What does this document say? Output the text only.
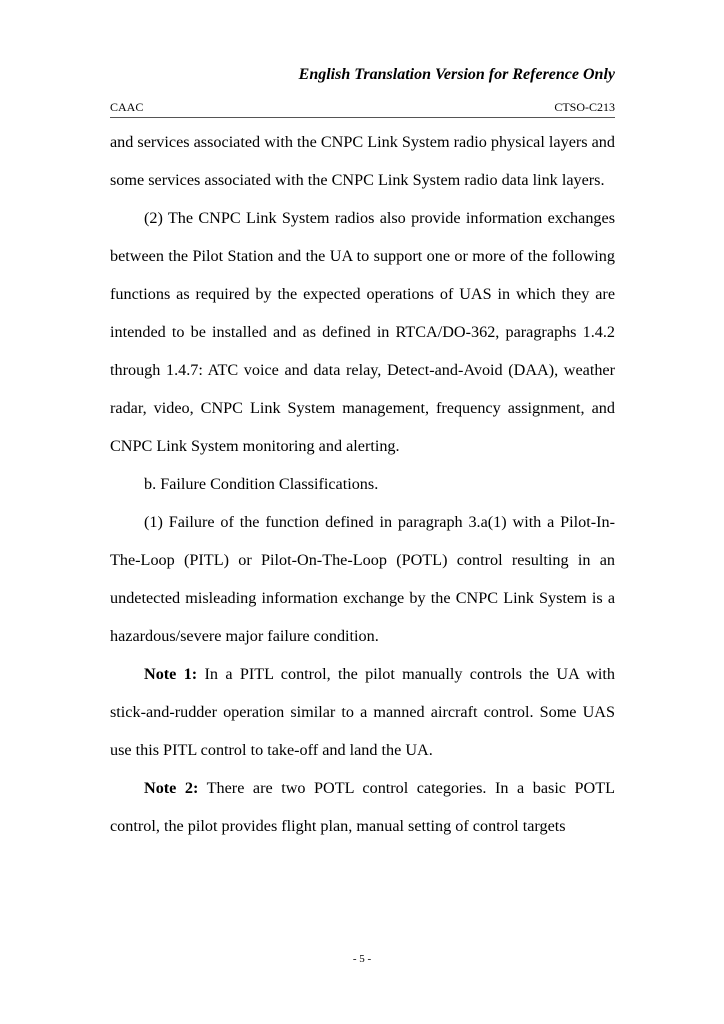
English Translation Version for Reference Only
CAAC	CTSO-C213

and services associated with the CNPC Link System radio physical layers and some services associated with the CNPC Link System radio data link layers.

(2) The CNPC Link System radios also provide information exchanges between the Pilot Station and the UA to support one or more of the following functions as required by the expected operations of UAS in which they are intended to be installed and as defined in RTCA/DO-362, paragraphs 1.4.2 through 1.4.7: ATC voice and data relay, Detect-and-Avoid (DAA), weather radar, video, CNPC Link System management, frequency assignment, and CNPC Link System monitoring and alerting.

b. Failure Condition Classifications.

(1) Failure of the function defined in paragraph 3.a(1) with a Pilot-In-The-Loop (PITL) or Pilot-On-The-Loop (POTL) control resulting in an undetected misleading information exchange by the CNPC Link System is a hazardous/severe major failure condition.

Note 1: In a PITL control, the pilot manually controls the UA with stick-and-rudder operation similar to a manned aircraft control. Some UAS use this PITL control to take-off and land the UA.

Note 2: There are two POTL control categories. In a basic POTL control, the pilot provides flight plan, manual setting of control targets

- 5 -
